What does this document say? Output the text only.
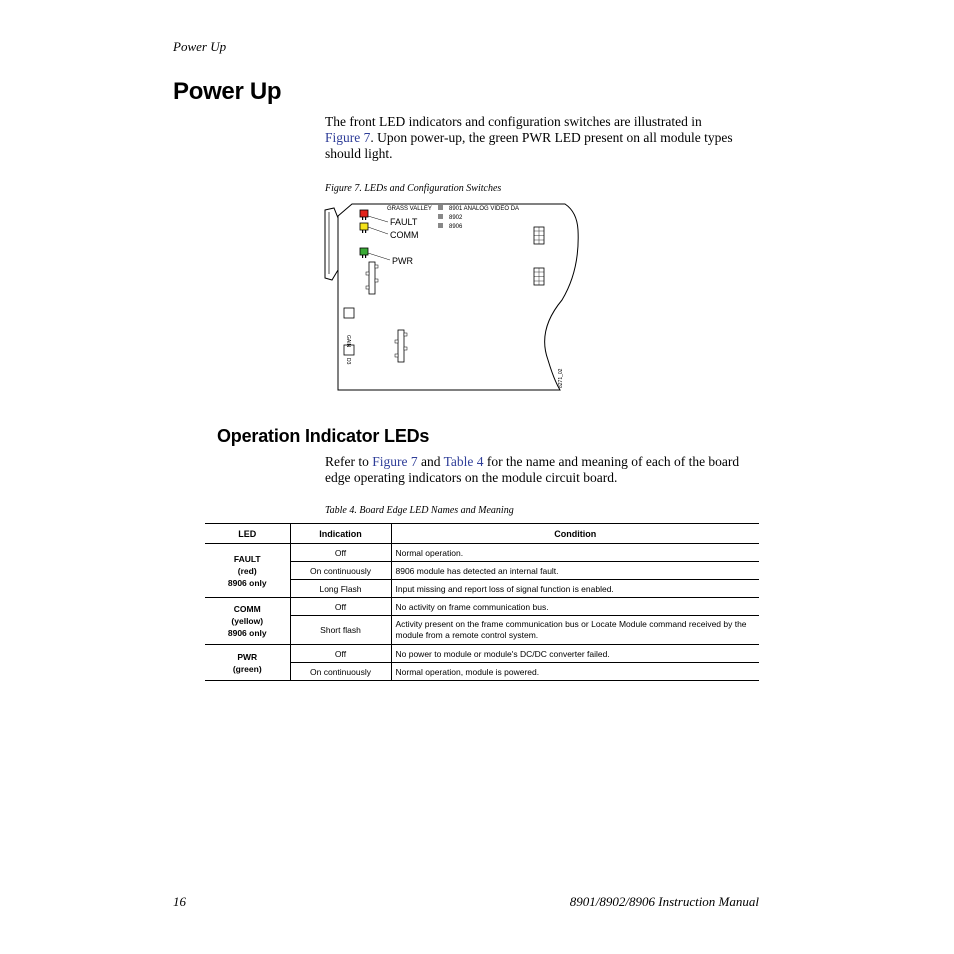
Power Up
Power Up
The front LED indicators and configuration switches are illustrated in
Figure 7. Upon power-up, the green PWR LED present on all module types
should light.
Figure 7. LEDs and Configuration Switches
GRASS VALLEY	8901 ANALOG VIDEO DA
8902
8906
FAULT
COMM
PWR
GAIN
D3
8271_02
Operation Indicator LEDs
Refer to Figure 7 and Table 4 for the name and meaning of each of the board
edge operating indicators on the module circuit board.
Table 4. Board Edge LED Names and Meaning
LED	Indication	Condition
FAULT
(red)
8906 only	Off	Normal operation.
	On continuously	8906 module has detected an internal fault.
	Long Flash	Input missing and report loss of signal function is enabled.
COMM
(yellow)
8906 only	Off	No activity on frame communication bus.
	Short flash	Activity present on the frame communication bus or Locate Module command received by the module from a remote control system.
PWR
(green)	Off	No power to module or module's DC/DC converter failed.
	On continuously	Normal operation, module is powered.
16	8901/8902/8906 Instruction Manual
